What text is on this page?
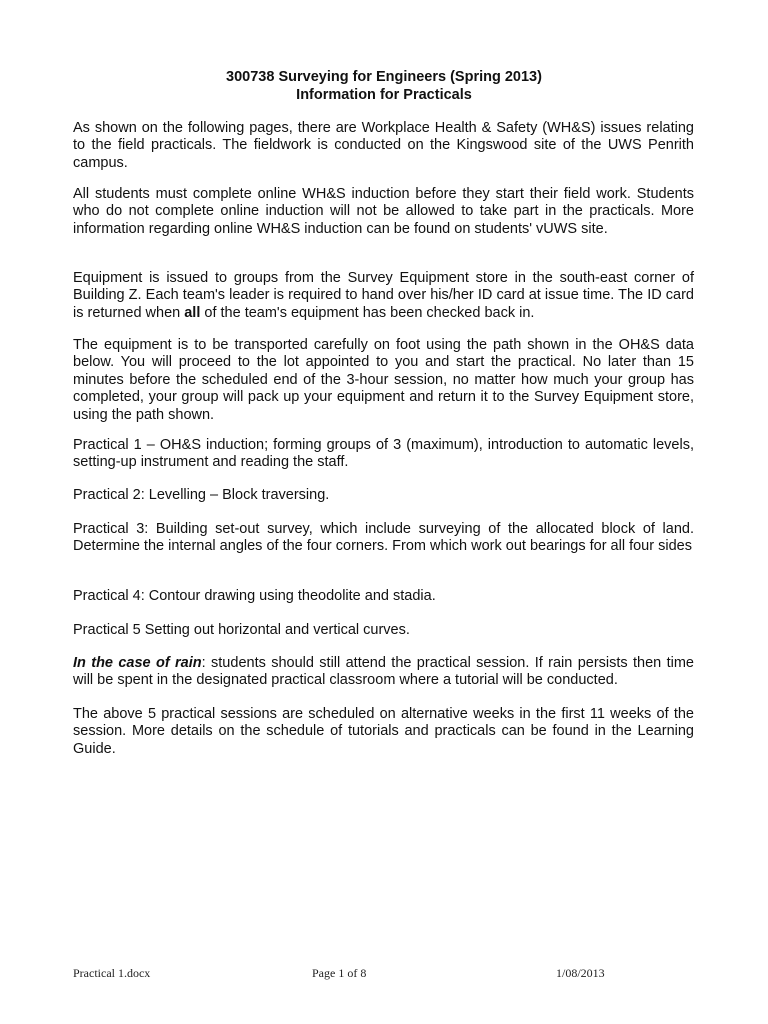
300738 Surveying for Engineers (Spring 2013)
Information for Practicals

As shown on the following pages, there are Workplace Health & Safety (WH&S) issues relating to the field practicals. The fieldwork is conducted on the Kingswood site of the UWS Penrith campus.

All students must complete online WH&S induction before they start their field work. Students who do not complete online induction will not be allowed to take part in the practicals. More information regarding online WH&S induction can be found on students' vUWS site.

Equipment is issued to groups from the Survey Equipment store in the south-east corner of Building Z. Each team's leader is required to hand over his/her ID card at issue time. The ID card is returned when all of the team's equipment has been checked back in.

The equipment is to be transported carefully on foot using the path shown in the OH&S data below. You will proceed to the lot appointed to you and start the practical. No later than 15 minutes before the scheduled end of the 3-hour session, no matter how much your group has completed, your group will pack up your equipment and return it to the Survey Equipment store, using the path shown.

Practical 1 – OH&S induction; forming groups of 3 (maximum), introduction to automatic levels, setting-up instrument and reading the staff.

Practical 2: Levelling – Block traversing.

Practical 3: Building set-out survey, which include surveying of the allocated block of land. Determine the internal angles of the four corners. From which work out bearings for all four sides

Practical 4: Contour drawing using theodolite and stadia.

Practical 5 Setting out horizontal and vertical curves.

In the case of rain: students should still attend the practical session. If rain persists then time will be spent in the designated practical classroom where a tutorial will be conducted.

The above 5 practical sessions are scheduled on alternative weeks in the first 11 weeks of the session. More details on the schedule of tutorials and practicals can be found in the Learning Guide.

Practical 1.docx	Page 1 of 8	1/08/2013
